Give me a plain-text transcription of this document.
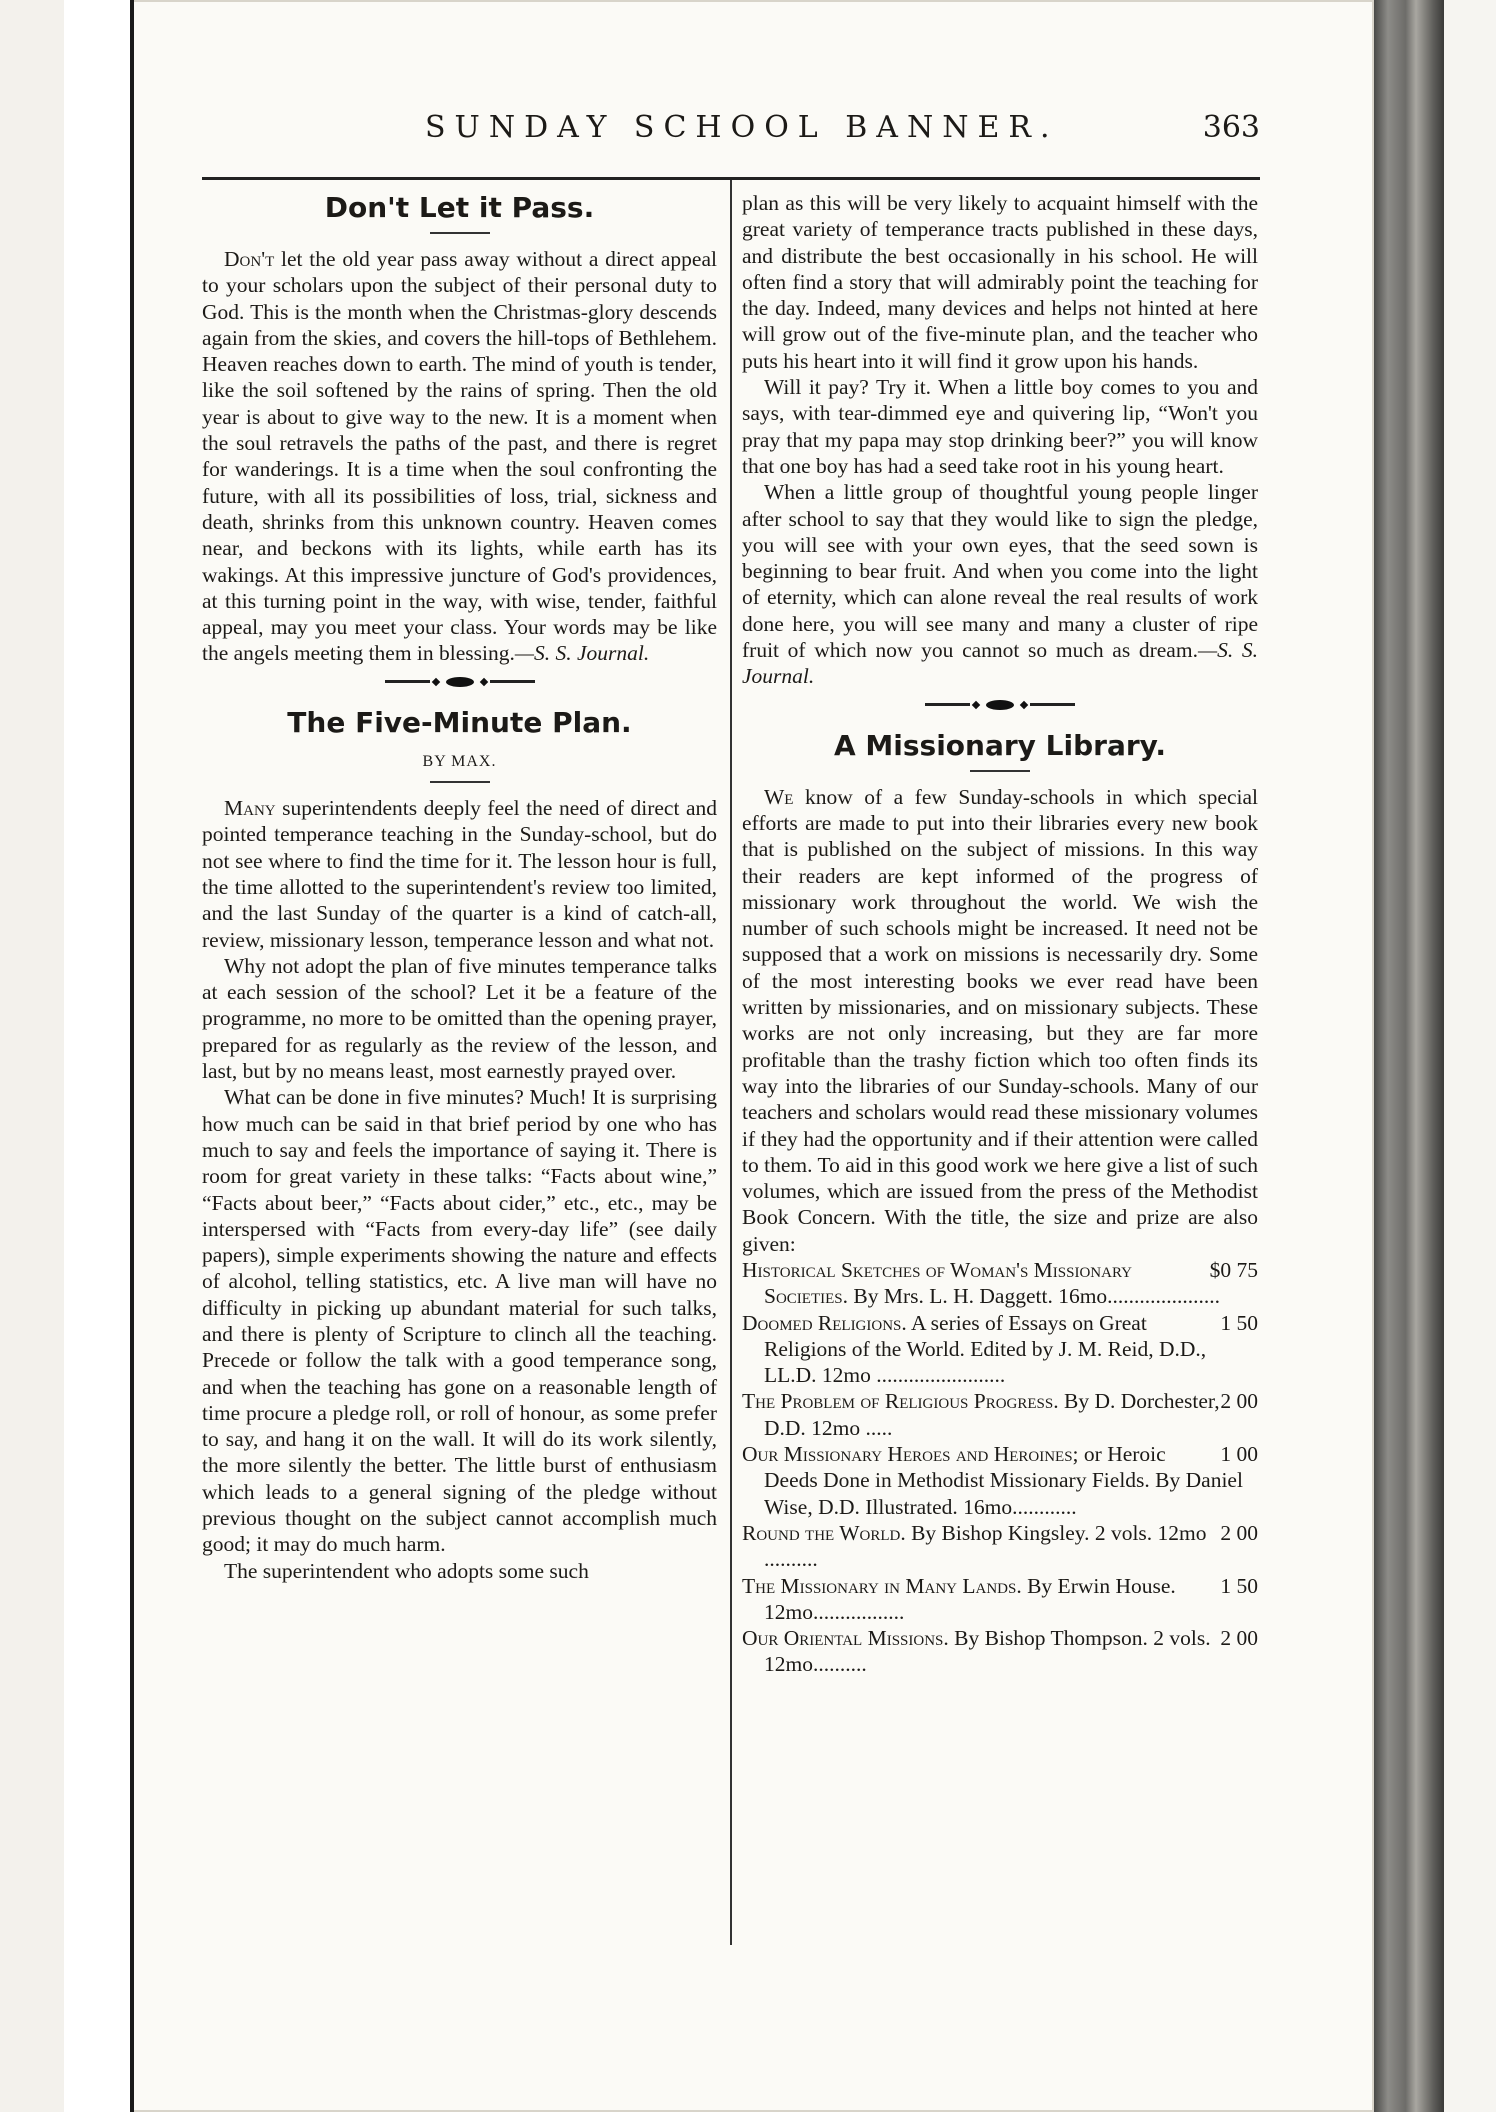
SUNDAY SCHOOL BANNER.	363
Don't Let it Pass.

Don't let the old year pass away without a direct appeal to your scholars upon the subject of their personal duty to God. This is the month when the Christmas-glory descends again from the skies, and covers the hill-tops of Bethlehem. Heaven reaches down to earth. The mind of youth is tender, like the soil softened by the rains of spring. Then the old year is about to give way to the new. It is a moment when the soul retravels the paths of the past, and there is regret for wanderings. It is a time when the soul confronting the future, with all its possibilities of loss, trial, sickness and death, shrinks from this unknown country. Heaven comes near, and beckons with its lights, while earth has its wakings. At this impressive juncture of God's providences, at this turning point in the way, with wise, tender, faithful appeal, may you meet your class. Your words may be like the angels meeting them in blessing.—S. S. Journal.

The Five-Minute Plan.
BY MAX.

Many superintendents deeply feel the need of direct and pointed temperance teaching in the Sunday-school, but do not see where to find the time for it. The lesson hour is full, the time allotted to the superintendent's review too limited, and the last Sunday of the quarter is a kind of catch-all, review, missionary lesson, temperance lesson and what not.

Why not adopt the plan of five minutes temperance talks at each session of the school? Let it be a feature of the programme, no more to be omitted than the opening prayer, prepared for as regularly as the review of the lesson, and last, but by no means least, most earnestly prayed over.

What can be done in five minutes? Much! It is surprising how much can be said in that brief period by one who has much to say and feels the importance of saying it. There is room for great variety in these talks: “Facts about wine,” “Facts about beer,” “Facts about cider,” etc., etc., may be interspersed with “Facts from every-day life” (see daily papers), simple experiments showing the nature and effects of alcohol, telling statistics, etc. A live man will have no difficulty in picking up abundant material for such talks, and there is plenty of Scripture to clinch all the teaching. Precede or follow the talk with a good temperance song, and when the teaching has gone on a reasonable length of time procure a pledge roll, or roll of honour, as some prefer to say, and hang it on the wall. It will do its work silently, the more silently the better. The little burst of enthusiasm which leads to a general signing of the pledge without previous thought on the subject cannot accomplish much good; it may do much harm.

The superintendent who adopts some such

plan as this will be very likely to acquaint himself with the great variety of temperance tracts published in these days, and distribute the best occasionally in his school. He will often find a story that will admirably point the teaching for the day. Indeed, many devices and helps not hinted at here will grow out of the five-minute plan, and the teacher who puts his heart into it will find it grow upon his hands.

Will it pay? Try it. When a little boy comes to you and says, with tear-dimmed eye and quivering lip, “Won't you pray that my papa may stop drinking beer?” you will know that one boy has had a seed take root in his young heart.

When a little group of thoughtful young people linger after school to say that they would like to sign the pledge, you will see with your own eyes, that the seed sown is beginning to bear fruit. And when you come into the light of eternity, which can alone reveal the real results of work done here, you will see many and many a cluster of ripe fruit of which now you cannot so much as dream.—S. S. Journal.

A Missionary Library.

We know of a few Sunday-schools in which special efforts are made to put into their libraries every new book that is published on the subject of missions. In this way their readers are kept informed of the progress of missionary work throughout the world. We wish the number of such schools might be increased. It need not be supposed that a work on missions is necessarily dry. Some of the most interesting books we ever read have been written by missionaries, and on missionary subjects. These works are not only increasing, but they are far more profitable than the trashy fiction which too often finds its way into the libraries of our Sunday-schools. Many of our teachers and scholars would read these missionary volumes if they had the opportunity and if their attention were called to them. To aid in this good work we here give a list of such volumes, which are issued from the press of the Methodist Book Concern. With the title, the size and prize are also given:

$0 75
Historical Sketches of Woman's Missionary Societies. By Mrs. L. H. Daggett. 16mo.....................

1 50
Doomed Religions. A series of Essays on Great Religions of the World. Edited by J. M. Reid, D.D., LL.D. 12mo ........................

2 00
The Problem of Religious Progress. By D. Dorchester, D.D. 12mo .....

1 00
Our Missionary Heroes and Heroines; or Heroic Deeds Done in Methodist Missionary Fields. By Daniel Wise, D.D. Illustrated. 16mo............

2 00
Round the World. By Bishop Kingsley. 2 vols. 12mo ..........

1 50
The Missionary in Many Lands. By Erwin House. 12mo.................

2 00
Our Oriental Missions. By Bishop Thompson. 2 vols. 12mo..........
